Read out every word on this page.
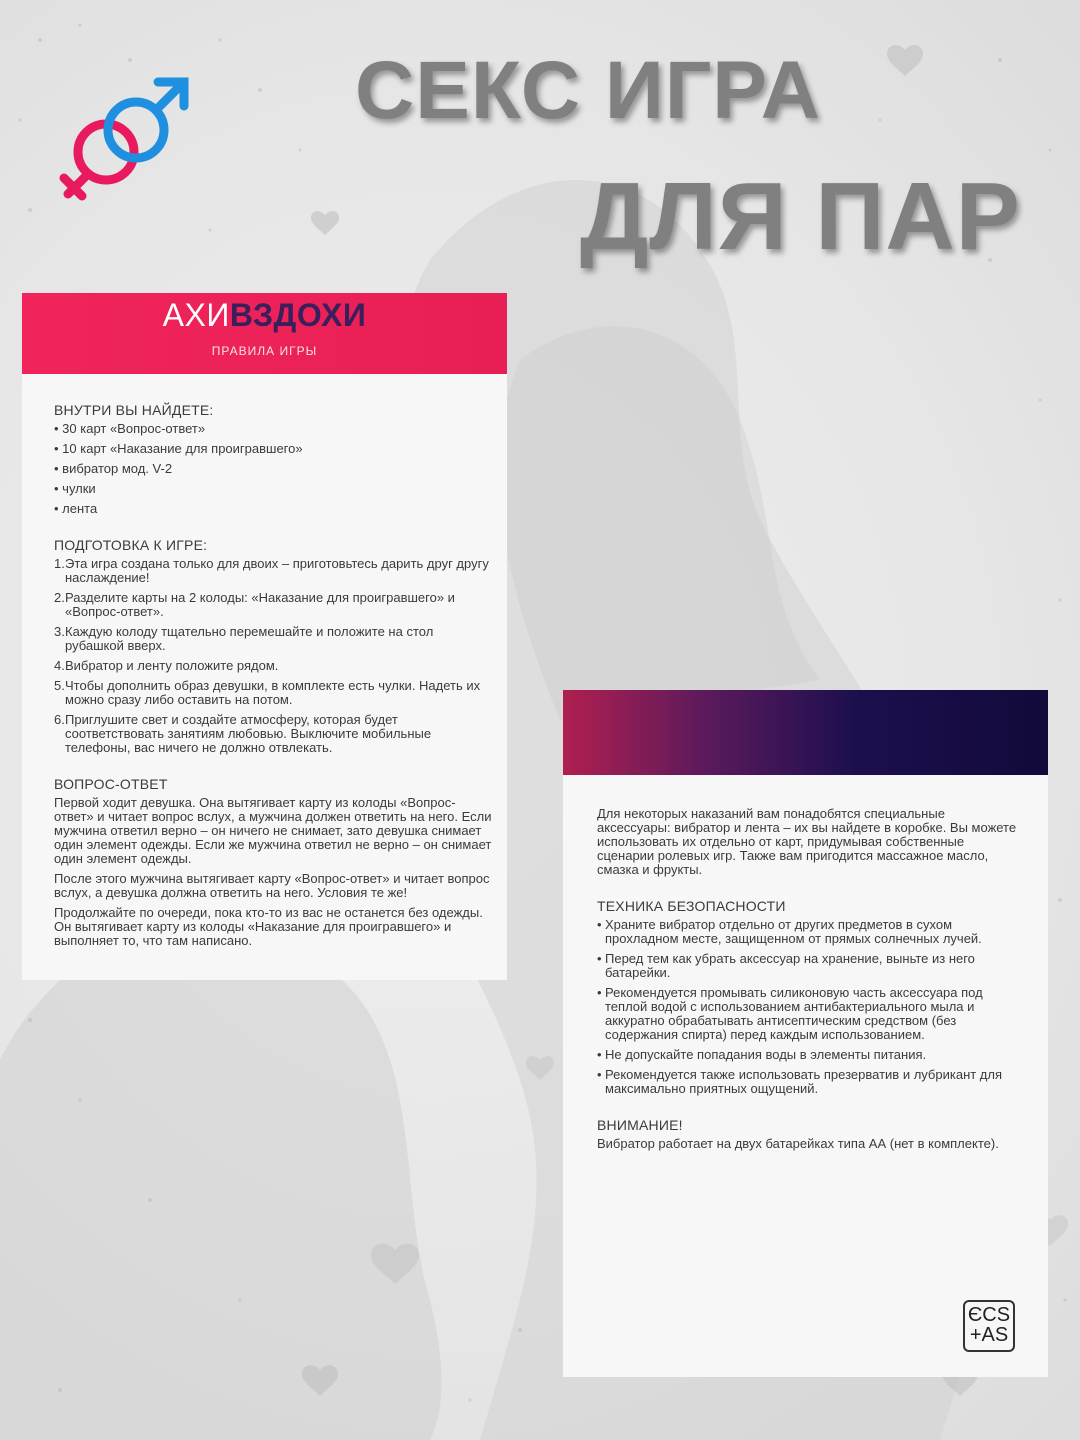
СЕКС ИГРА
ДЛЯ ПАР
АХИВЗДОХИ
ПРАВИЛА ИГРЫ
ВНУТРИ ВЫ НАЙДЕТЕ:
• 30 карт «Вопрос-ответ»
• 10 карт «Наказание для проигравшего»
• вибратор мод. V-2
• чулки
• лента
ПОДГОТОВКА К ИГРЕ:
1. Эта игра создана только для двоих – приготовьтесь дарить друг другу наслаждение!
2. Разделите карты на 2 колоды: «Наказание для проигравшего» и «Вопрос-ответ».
3. Каждую колоду тщательно перемешайте и положите на стол рубашкой вверх.
4. Вибратор и ленту положите рядом.
5. Чтобы дополнить образ девушки, в комплекте есть чулки. Надеть их можно сразу либо оставить на потом.
6. Приглушите свет и создайте атмосферу, которая будет соответствовать занятиям любовью. Выключите мобильные телефоны, вас ничего не должно отвлекать.
ВОПРОС-ОТВЕТ
Первой ходит девушка. Она вытягивает карту из колоды «Вопрос-ответ» и читает вопрос вслух, а мужчина должен ответить на него. Если мужчина ответил верно – он ничего не снимает, зато девушка снимает один элемент одежды. Если же мужчина ответил не верно – он снимает один элемент одежды.
После этого мужчина вытягивает карту «Вопрос-ответ» и читает вопрос вслух, а девушка должна ответить на него. Условия те же!
Продолжайте по очереди, пока кто-то из вас не останется без одежды. Он вытягивает карту из колоды «Наказание для проигравшего» и выполняет то, что там написано.
Для некоторых наказаний вам понадобятся специальные аксессуары: вибратор и лента – их вы найдете в коробке. Вы можете использовать их отдельно от карт, придумывая собственные сценарии ролевых игр. Также вам пригодится массажное масло, смазка и фрукты.
ТЕХНИКА БЕЗОПАСНОСТИ
• Храните вибратор отдельно от других предметов в сухом прохладном месте, защищенном от прямых солнечных лучей.
• Перед тем как убрать аксессуар на хранение, выньте из него батарейки.
• Рекомендуется промывать силиконовую часть аксессуара под теплой водой с использованием антибактериального мыла и аккуратно обрабатывать антисептическим средством (без содержания спирта) перед каждым использованием.
• Не допускайте попадания воды в элементы питания.
• Рекомендуется также использовать презерватив и лубрикант для максимально приятных ощущений.
ВНИМАНИЕ!
Вибратор работает на двух батарейках типа АА (нет в комплекте).
ЄCS
+AS
